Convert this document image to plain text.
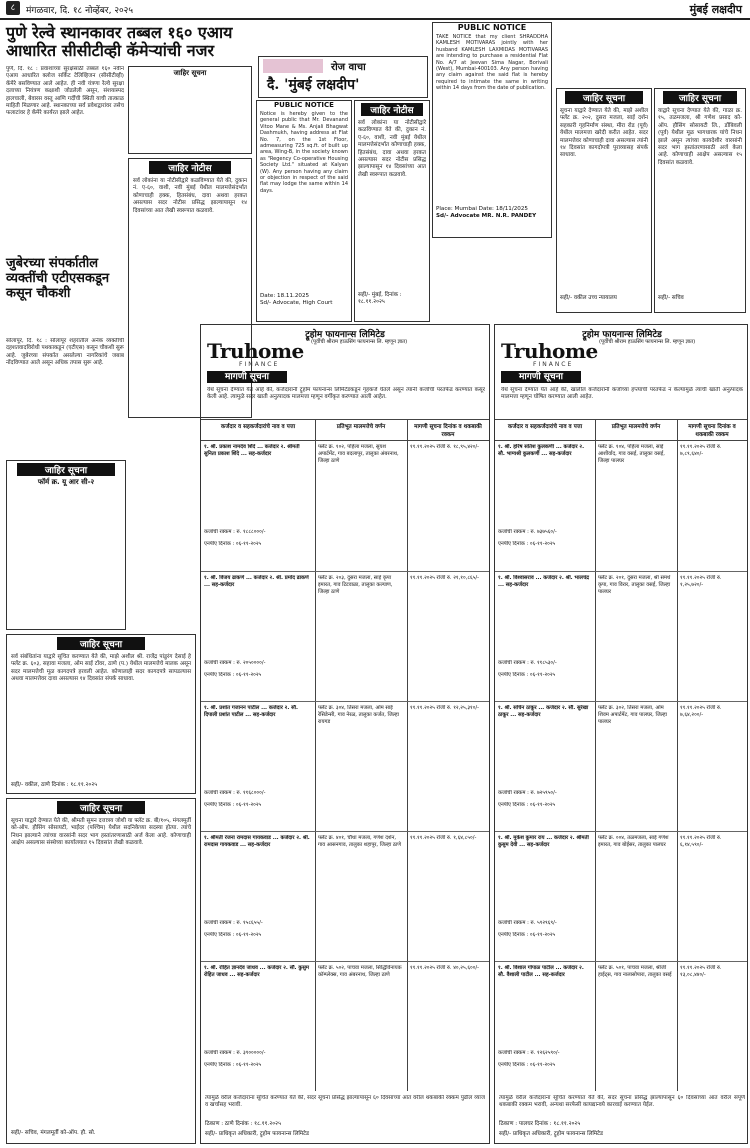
८	मंगळवार, दि. १८ नोव्हेंबर, २०२५	मुंबई लक्षदीप
पुणे रेल्वे स्थानकावर तब्बल १६० एआय
आधारित सीसीटीव्ही कॅमेऱ्यांची नजर
रोज वाचा
दै. 'मुंबई लक्षदीप'

पुणे, दि. १८ : प्रवाशांच्या सुरक्षेसाठी तब्बल १६० नवीन एआय आधारित क्लोज सर्किट टेलिव्हिजन (सीसीटीव्ही) कॅमेरे बसविण्यात आले आहेत. ही नवी यंत्रणा रेल्वे सुरक्षा दलाच्या नियंत्रण कक्षाशी जोडलेली असून, संशयास्पद हालचाली, बेवारस वस्तू आणि गर्दीची स्थिती याची तात्काळ माहिती मिळणार आहे. स्थानकाच्या सर्व प्रवेशद्वारांवर तसेच फलाटांवर हे कॅमेरे कार्यरत झाले आहेत.

जाहिर सूचना
जाहिर नोटीस
सर्व लोकांना या नोटीसीद्वारे कळविण्यात येते की, दुकान नं. ए-६०, वाशी, नवी मुंबई येथील मालमत्तेसंदर्भात कोणाचाही हक्क, हितसंबंध, दावा अथवा हरकत असल्यास सदर नोटीस प्रसिद्ध झाल्यापासून १४ दिवसांच्या आत लेखी स्वरूपात कळवावे.
जुबेरच्या संपर्कातील व्यक्तींची एटीएसकडून कसून चौकशी
सोलापूर, दि. १८ : सोलापूर शहरातील अनेक व्यक्तींची दहशतवादविरोधी पथकाकडून (एटीएस) कसून चौकशी सुरू आहे. जुबेरच्या संपर्कात असलेल्या नागरिकांचे जबाब नोंदविण्यात आले असून अधिक तपास सुरू आहे.
जाहिर सूचना
फॉर्म क्र. यू आर सी-२
PUBLIC NOTICE
Notice is hereby given to the general public that Mr. Devanand Vitoo Mane & Ms. Anjali Bhagwat Dashmukh, having address at Flat No. 7, on the 1st Floor, admeasuring 725 sq.ft. of built up area, Wing-B, in the society known as "Regency Co-operative Housing Society Ltd." situated at Kalyan (W). Any person having any claim or objection in respect of the said flat may lodge the same within 14 days.
Date: 18.11.2025
Sd/- Advocate, High Court
जाहिर नोटीस
सर्व लोकांना या नोटीसीद्वारे कळविण्यात येते की, दुकान नं. ए-६०, वाशी, नवी मुंबई येथील मालमत्तेसंदर्भात कोणाचाही हक्क, हितसंबंध, दावा अथवा हरकत असल्यास सदर नोटीस प्रसिद्ध झाल्यापासून १४ दिवसांच्या आत लेखी स्वरूपात कळवावे.
सही/- मुंबई, दिनांक : १८.११.२०२५
PUBLIC NOTICE
TAKE NOTICE that my client SHRADDHA KAMLESH MOTIVARAS jointly with her husband KAMLESH LAXMIDAS MOTIVARAS are intending to purchase a residential Flat No. A/7 at Jeevan Sima Nagar, Borivali (West), Mumbai-400103. Any person having any claim against the said flat is hereby required to intimate the same in writing within 14 days from the date of publication.
Place: Mumbai Date: 18/11/2025
Sd/- Advocate MR. N.R. PANDEY
जाहिर सूचना
सूचना याद्वारे देण्यात येते की, माझे अशील फ्लॅट क्र. २०२, दुसरा मजला, साई दर्शन सहकारी गृहनिर्माण संस्था, मीरा रोड (पूर्व) येथील मालमत्ता खरेदी करीत आहेत. सदर मालमत्तेवर कोणाचाही दावा असल्यास त्यांनी १४ दिवसांत कागदोपत्री पुराव्यासह संपर्क साधावा.
सही/- वकील उच्च न्यायालय
जाहिर सूचना
याद्वारे सूचना देण्यात येते की, गाळा क्र. १५, तळमजला, श्री गणेश प्रसाद को-ऑप. हौसिंग सोसायटी लि., डोंबिवली (पूर्व) येथील मूळ भागधारक यांचे निधन झाले असून त्यांच्या कायदेशीर वारसांनी सदर भाग हस्तांतरणासाठी अर्ज केला आहे. कोणाचाही आक्षेप असल्यास १५ दिवसांत कळवावे.
सही/- सचिव
ट्रूहोम फायनान्स लिमिटेड
Truhome
FINANCE
(पूर्वीची श्रीराम हाऊसिंग फायनान्स लि. म्हणून ज्ञात)
मागणी सूचना
येथे सूचना देण्यात येत आहे की, कर्जदारांनी ट्रूहोम फायनान्स लिमिटेडकडून गृहकर्ज घेतले असून त्यांनी कर्जाची परतफेड करण्यात कसूर केली आहे. त्यामुळे सदर खाती अनुत्पादक मालमत्ता म्हणून वर्गीकृत करण्यात आली आहेत.
कर्जदार व सहकर्जदारांचे नाव व पत्ता	प्रतिभूत मालमत्तेचे वर्णन	मागणी सूचना दिनांक व थकबाकी रक्कम
१. श्री. प्रकाश नामदेव शिंदे ... कर्जदार २. श्रीमती सुनिता प्रकाश शिंदे ... सह-कर्जदार
कर्जाची रक्कम : रु. १८८८०००/-
एनपीए दिनांक : ०६-११-२०२५
फ्लॅट क्र. १०२, पहिला मजला, सुयश अपार्टमेंट, गाव बदलापूर, तालुका अंबरनाथ, जिल्हा ठाणे
११.११.२०२५ रोजी रु. १८,९५,४२०/-
१. श्री. विजय ढाकणे ... कर्जदार २. श्री. प्रमोद ढाकणे ... सह-कर्जदार
कर्जाची रक्कम : रु. २०५००००/-
एनपीए दिनांक : ०६-११-२०२५
फ्लॅट क्र. २०३, दुसरा मजला, साई कृपा इमारत, गाव टिटवाळा, तालुका कल्याण, जिल्हा ठाणे
११.११.२०२५ रोजी रु. २१,१०,८६५/-
१. श्री. प्रशांत गजानन पाटील ... कर्जदार २. सौ. दिपाली प्रशांत पाटील ... सह-कर्जदार
कर्जाची रक्कम : रु. ११६८०००/-
एनपीए दिनांक : ०६-११-२०२५
फ्लॅट क्र. ३०४, तिसरा मजला, ओम साई रेसिडेन्सी, गाव नेरळ, तालुका कर्जत, जिल्हा रायगड
११.११.२०२५ रोजी रु. १२,२५,३१०/-
१. श्रीमती रंजना रामदास गायकवाड ... कर्जदार २. श्री. रामदास गायकवाड ... सह-कर्जदार
कर्जाची रक्कम : रु. १५८६५५/-
एनपीए दिनांक : ०६-११-२०२५
फ्लॅट क्र. ४०१, चौथा मजला, गणेश दर्शन, गाव आसनगाव, तालुका शहापूर, जिल्हा ठाणे
११.११.२०२५ रोजी रु. १,६४,८५०/-
१. श्री. रोहित ज्ञानदेव जाधव ... कर्जदार २. सौ. कुसुम रोहित जाधव ... सह-कर्जदार
कर्जाची रक्कम : रु. ३९०००००/-
एनपीए दिनांक : ०६-११-२०२५
फ्लॅट क्र. ५०२, पाचवा मजला, सिद्धिविनायक कॉम्प्लेक्स, गाव अंबरनाथ, जिल्हा ठाणे
११.११.२०२५ रोजी रु. ४०,२५,६००/-
त्यामुळे वरील कर्जदारांना सूचित करण्यात येते की, सदर सूचना प्रसिद्ध झाल्यापासून ६० दिवसांच्या आत वरील थकबाकी रक्कम पुढील व्याज व खर्चासह भरावी.
ठिकाण : ठाणे दिनांक : १८.११.२०२५
सही/- प्राधिकृत अधिकारी, ट्रूहोम फायनान्स लिमिटेड
ट्रूहोम फायनान्स लिमिटेड
Truhome
FINANCE
(पूर्वीची श्रीराम हाऊसिंग फायनान्स लि. म्हणून ज्ञात)
मागणी सूचना
येथे सूचना देण्यात येत आहे की, खालील कर्जदारांनी कर्जाच्या हप्त्यांची परतफेड न केल्यामुळे त्यांची खाती अनुत्पादक मालमत्ता म्हणून घोषित करण्यात आली आहेत.
कर्जदार व सहकर्जदारांचे नाव व पत्ता	प्रतिभूत मालमत्तेचे वर्णन	मागणी सूचना दिनांक व थकबाकी रक्कम
१. श्री. हरिष सतिश कुलकर्णी ... कर्जदार २. सौ. भाग्यश्री कुलकर्णी ... सह-कर्जदार
कर्जाची रक्कम : रु. ७३७५६०/-
एनपीए दिनांक : ०६-११-२०२५
फ्लॅट क्र. १०४, पहिला मजला, साई आशीर्वाद, गाव वसई, तालुका वसई, जिल्हा पालघर
११.११.२०२५ रोजी रु. ७,८९,६४०/-
१. श्री. विश्वासराव ... कर्जदार २. श्री. भालचंद्र ... सह-कर्जदार
कर्जाची रक्कम : रु. ११८५३०/-
एनपीए दिनांक : ०६-११-२०२५
फ्लॅट क्र. २०१, दुसरा मजला, श्री समर्थ कृपा, गाव विरार, तालुका वसई, जिल्हा पालघर
११.११.२०२५ रोजी रु. १,२५,७२०/-
१. श्री. सचिन ठाकूर ... कर्जदार २. सौ. सुरेखा ठाकूर ... सह-कर्जदार
कर्जाची रक्कम : रु. ७२५९५०/-
एनपीए दिनांक : ०६-११-२०२५
फ्लॅट क्र. ३०२, तिसरा मजला, ओम शिवम अपार्टमेंट, गाव पालघर, जिल्हा पालघर
११.११.२०२५ रोजी रु. ७,६४,२००/-
१. श्री. मुकेश कुमार राय ... कर्जदार २. श्रीमती कुसुम देवी ... सह-कर्जदार
कर्जाची रक्कम : रु. ५९२९६९/-
एनपीए दिनांक : ०६-११-२०२५
फ्लॅट क्र. ००४, तळमजला, साई गणेश इमारत, गाव बोईसर, तालुका पालघर
११.११.२०२५ रोजी रु. ६,१४,५९०/-
१. श्री. विशाल गोपाळ पाटील ... कर्जदार २. सौ. वैशाली पाटील ... सह-कर्जदार
कर्जाची रक्कम : रु. १२६२५९०/-
एनपीए दिनांक : ०६-११-२०२५
फ्लॅट क्र. ५०१, पाचवा मजला, श्रीजी हाईट्स, गाव नालासोपारा, तालुका वसई
११.११.२०२५ रोजी रु. १३,०८,४४०/-
त्यामुळे वरील कर्जदारांना सूचित करण्यात येते की, सदर सूचना प्रसिद्ध झाल्यापासून ६० दिवसांच्या आत वरील संपूर्ण थकबाकी रक्कम भरावी, अन्यथा सरफेसी कायद्यान्वये कारवाई करण्यात येईल.
ठिकाण : पालघर दिनांक : १८.११.२०२५
सही/- प्राधिकृत अधिकारी, ट्रूहोम फायनान्स लिमिटेड
जाहिर सूचना
सर्व संबंधितांना याद्वारे सूचित करण्यात येते की, माझे अशील श्री. राजेंद्र पांडुरंग देसाई हे फ्लॅट क्र. ६०३, सहावा मजला, ओम साई टॉवर, ठाणे (प.) येथील मालमत्तेचे मालक असून सदर मालमत्तेची मूळ कागदपत्रे हरवली आहेत. कोणालाही सदर कागदपत्रे सापडल्यास अथवा मालमत्तेवर दावा असल्यास १४ दिवसांत संपर्क साधावा.
सही/- वकील, ठाणे दिनांक : १८.११.२०२५
जाहिर सूचना
सूचना याद्वारे देण्यात येते की, श्रीमती सुमन दत्तात्रय जोशी या फ्लॅट क्र. बी/१०५, मंगलमूर्ती को-ऑप. हौसिंग सोसायटी, भाईंदर (पश्चिम) येथील सदनिकेच्या सदस्या होत्या. त्यांचे निधन झाल्याने त्यांच्या वारसांनी सदर भाग हस्तांतरणासाठी अर्ज केला आहे. कोणाचाही आक्षेप असल्यास संस्थेच्या कार्यालयात १५ दिवसांत लेखी कळवावे.
सही/- सचिव, मंगलमूर्ती को-ऑप. हौ. सो.
